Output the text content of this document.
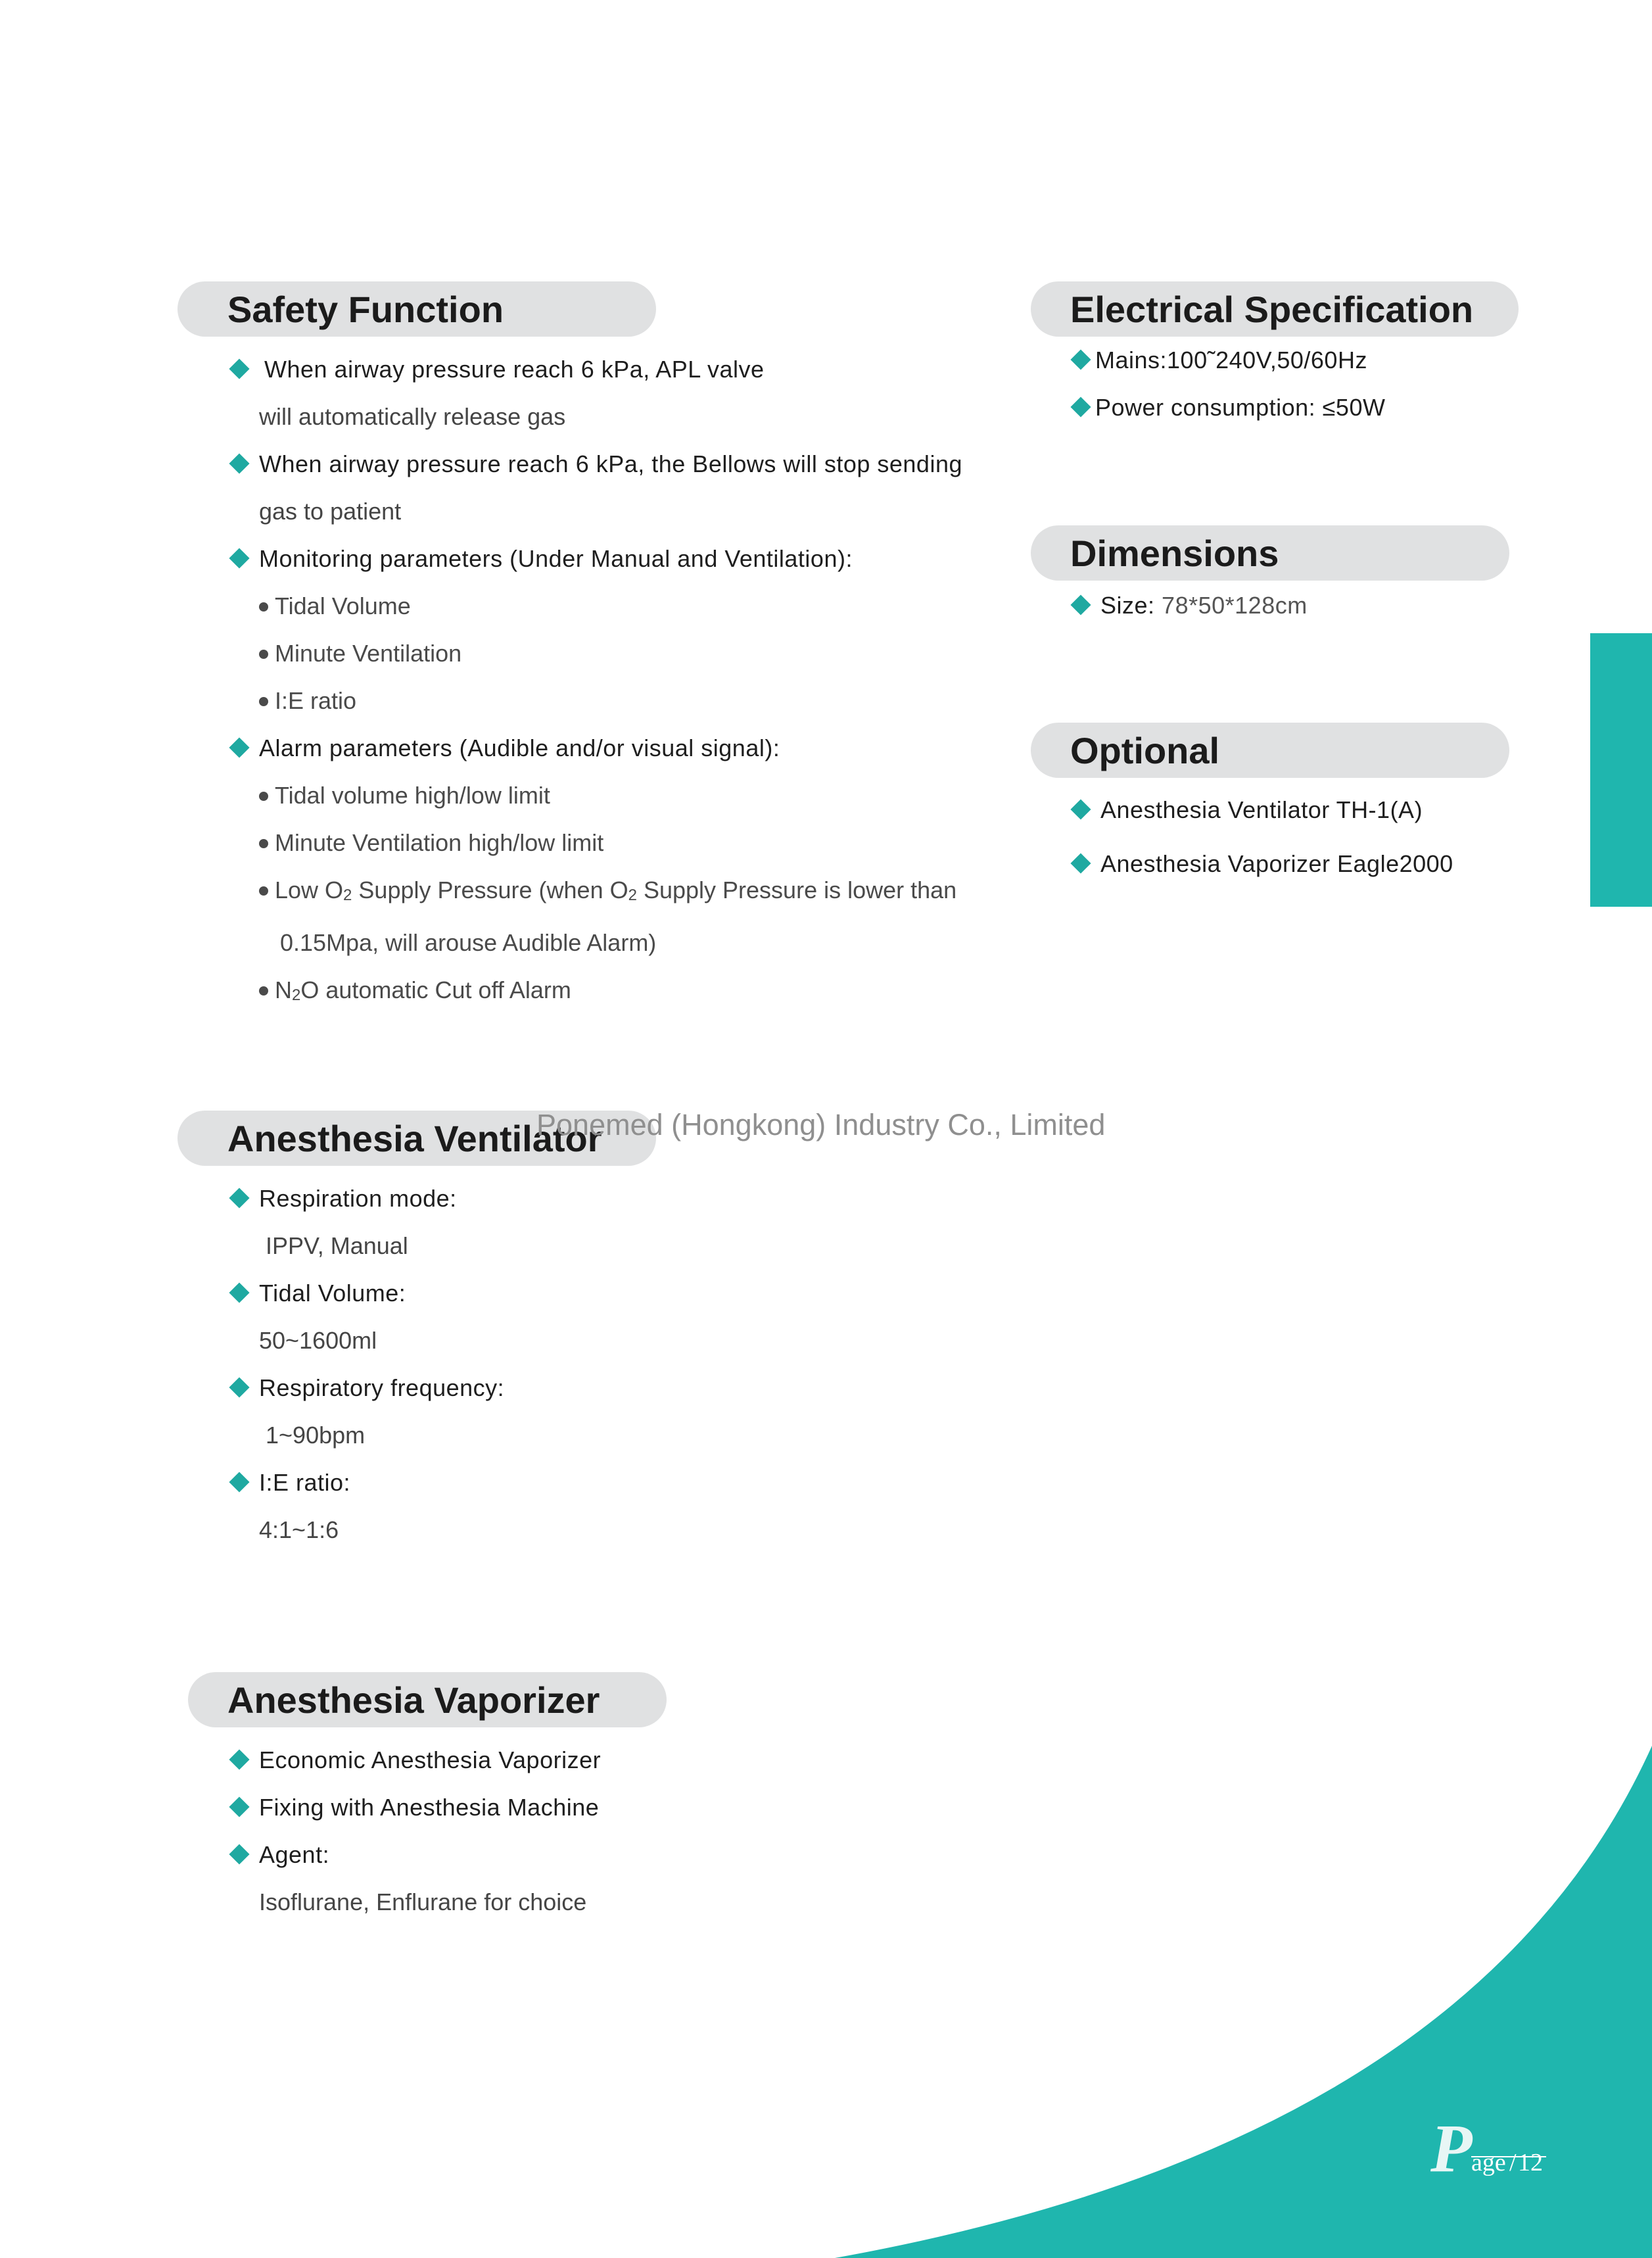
Safety Function
When airway pressure reach 6 kPa, APL valve
will automatically release gas
When airway pressure reach 6 kPa, the Bellows will stop sending
gas to patient
Monitoring parameters (Under Manual and Ventilation):
Tidal Volume
Minute Ventilation
I:E ratio
Alarm parameters (Audible and/or visual signal):
Tidal volume high/low limit
Minute Ventilation high/low limit
Low $O_2$ Supply Pressure (when $O_2$ Supply Pressure is lower than
0.15Mpa, will arouse Audible Alarm)
$N_2O$ automatic Cut off Alarm
Anesthesia Ventilator
Respiration mode:
IPPV, Manual
Tidal Volume:
50~1600ml
Respiratory frequency:
1~90bpm
I:E ratio:
4:1~1:6
Anesthesia Vaporizer
Economic Anesthesia Vaporizer
Fixing with Anesthesia Machine
Agent:
Isoflurane, Enflurane for choice
Electrical Specification
Mains:100˜240V,50/60Hz
Power consumption: ≤50W
Dimensions
Size: 78*50*128cm
Optional
Anesthesia Ventilator TH-1(A)
Anesthesia Vaporizer Eagle2000
Ponemed (Hongkong) Industry Co., Limited
P
age / 12
